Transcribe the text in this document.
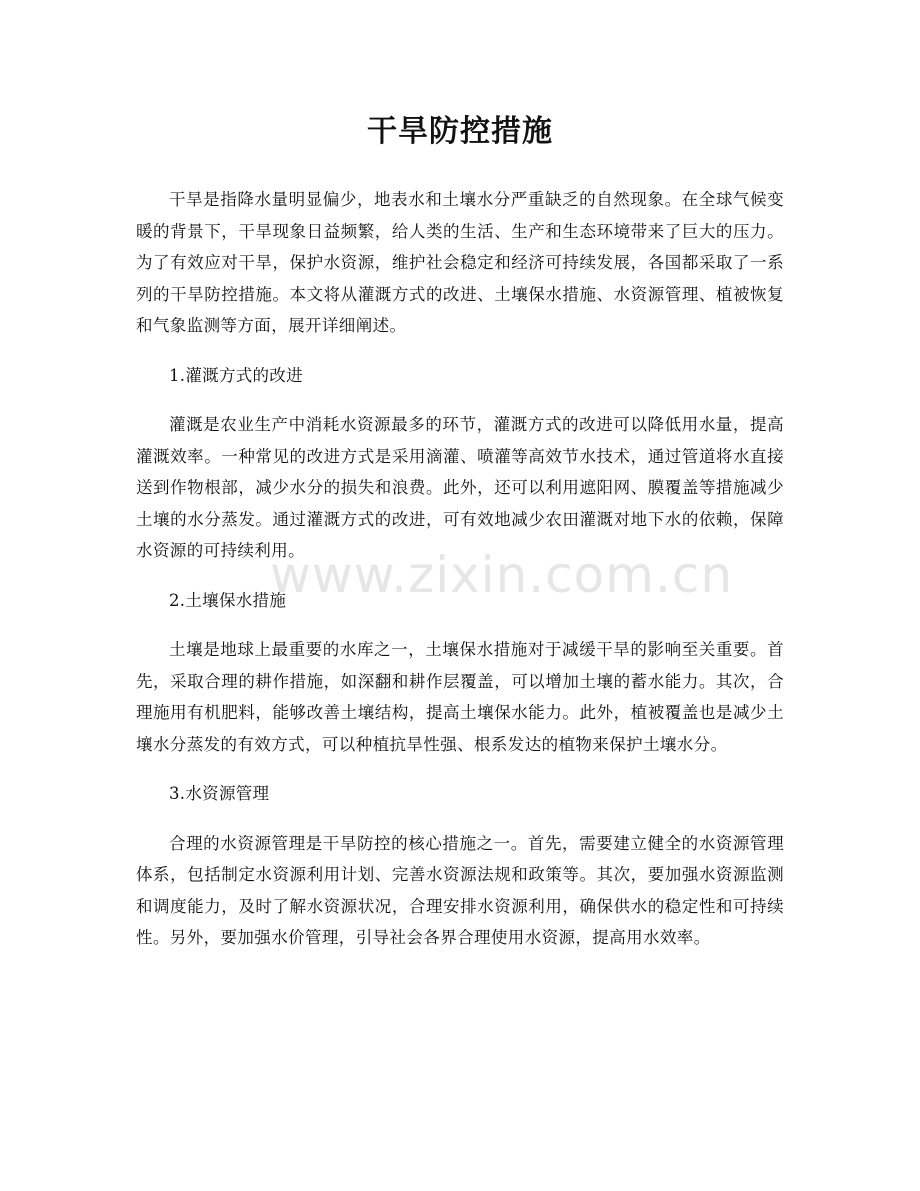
干旱防控措施

干旱是指降水量明显偏少，地表水和土壤水分严重缺乏的自然现象。在全球气候变暖的背景下，干旱现象日益频繁，给人类的生活、生产和生态环境带来了巨大的压力。为了有效应对干旱，保护水资源，维护社会稳定和经济可持续发展，各国都采取了一系列的干旱防控措施。本文将从灌溉方式的改进、土壤保水措施、水资源管理、植被恢复和气象监测等方面，展开详细阐述。

1.灌溉方式的改进

灌溉是农业生产中消耗水资源最多的环节，灌溉方式的改进可以降低用水量，提高灌溉效率。一种常见的改进方式是采用滴灌、喷灌等高效节水技术，通过管道将水直接送到作物根部，减少水分的损失和浪费。此外，还可以利用遮阳网、膜覆盖等措施减少土壤的水分蒸发。通过灌溉方式的改进，可有效地减少农田灌溉对地下水的依赖，保障水资源的可持续利用。

2.土壤保水措施

土壤是地球上最重要的水库之一，土壤保水措施对于减缓干旱的影响至关重要。首先，采取合理的耕作措施，如深翻和耕作层覆盖，可以增加土壤的蓄水能力。其次，合理施用有机肥料，能够改善土壤结构，提高土壤保水能力。此外，植被覆盖也是减少土壤水分蒸发的有效方式，可以种植抗旱性强、根系发达的植物来保护土壤水分。

3.水资源管理

合理的水资源管理是干旱防控的核心措施之一。首先，需要建立健全的水资源管理体系，包括制定水资源利用计划、完善水资源法规和政策等。其次，要加强水资源监测和调度能力，及时了解水资源状况，合理安排水资源利用，确保供水的稳定性和可持续性。另外，要加强水价管理，引导社会各界合理使用水资源，提高用水效率。

www.zixin.com.cn
